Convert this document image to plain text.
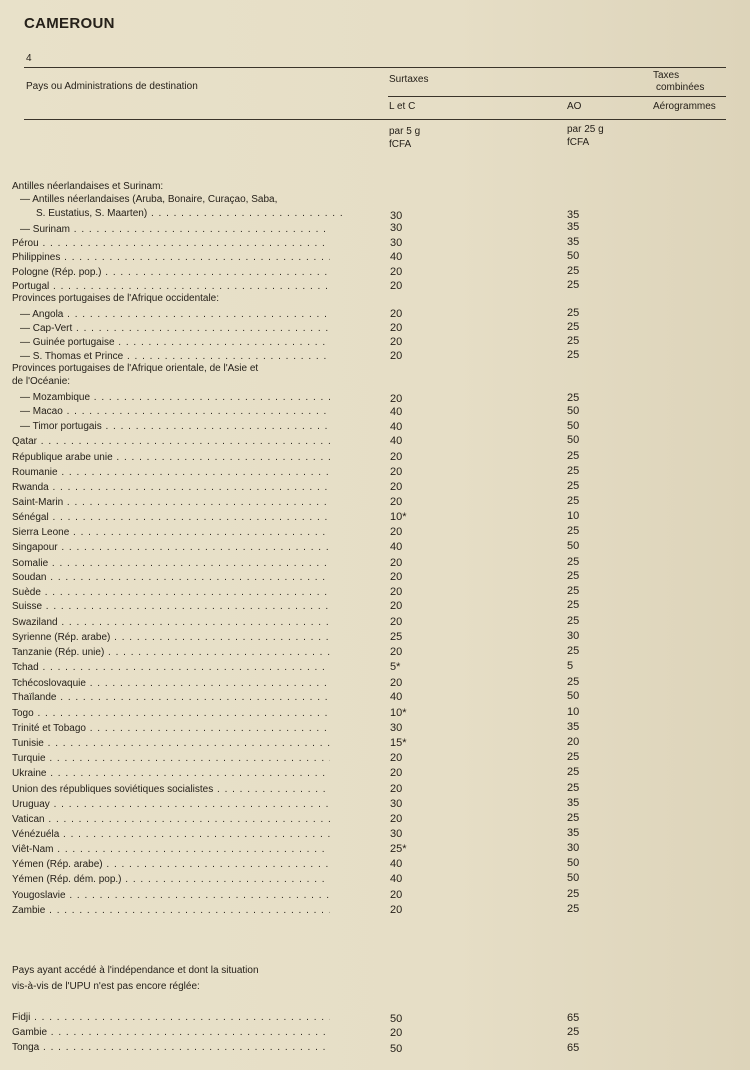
CAMEROUN
4
Pays ou Administrations de destination
Surtaxes	Taxes
combinées
L et C	AO	Aérogrammes
par 5 g
fCFA
par 25 g
fCFA
Antilles néerlandaises et Surinam:
— Antilles néerlandaises (Aruba, Bonaire, Curaçao, Saba,
S. Eustatius, S. Maarten) . . .	30	35
— Surinam . . .	30	35
Pérou . . .	30	35
Philippines . . .	40	50
Pologne (Rép. pop.) . . .	20	25
Portugal . . .	20	25
Provinces portugaises de l'Afrique occidentale:
— Angola . . .	20	25
— Cap-Vert . . .	20	25
— Guinée portugaise . . .	20	25
— S. Thomas et Prince . . .	20	25
Provinces portugaises de l'Afrique orientale, de l'Asie et
de l'Océanie:
— Mozambique . . .	20	25
— Macao . . .	40	50
— Timor portugais . . .	40	50
Qatar . . .	40	50
République arabe unie . . .	20	25
Roumanie . . .	20	25
Rwanda . . .	20	25
Saint-Marin . . .	20	25
Sénégal . . .	10*	10
Sierra Leone . . .	20	25
Singapour . . .	40	50
Somalie . . .	20	25
Soudan . . .	20	25
Suède . . .	20	25
Suisse . . .	20	25
Swaziland . . .	20	25
Syrienne (Rép. arabe) . . .	25	30
Tanzanie (Rép. unie) . . .	20	25
Tchad . . .	5*	5
Tchécoslovaquie . . .	20	25
Thaïlande . . .	40	50
Togo . . .	10*	10
Trinité et Tobago . . .	30	35
Tunisie . . .	15*	20
Turquie . . .	20	25
Ukraine . . .	20	25
Union des républiques soviétiques socialistes . . .	20	25
Uruguay . . .	30	35
Vatican . . .	20	25
Vénézuéla . . .	30	35
Viêt-Nam . . .	25*	30
Yémen (Rép. arabe) . . .	40	50
Yémen (Rép. dém. pop.) . . .	40	50
Yougoslavie . . .	20	25
Zambie . . .	20	25
Pays ayant accédé à l'indépendance et dont la situation
vis-à-vis de l'UPU n'est pas encore réglée:
Fidji . . .	50	65
Gambie . . .	20	25
Tonga . . .	50	65
